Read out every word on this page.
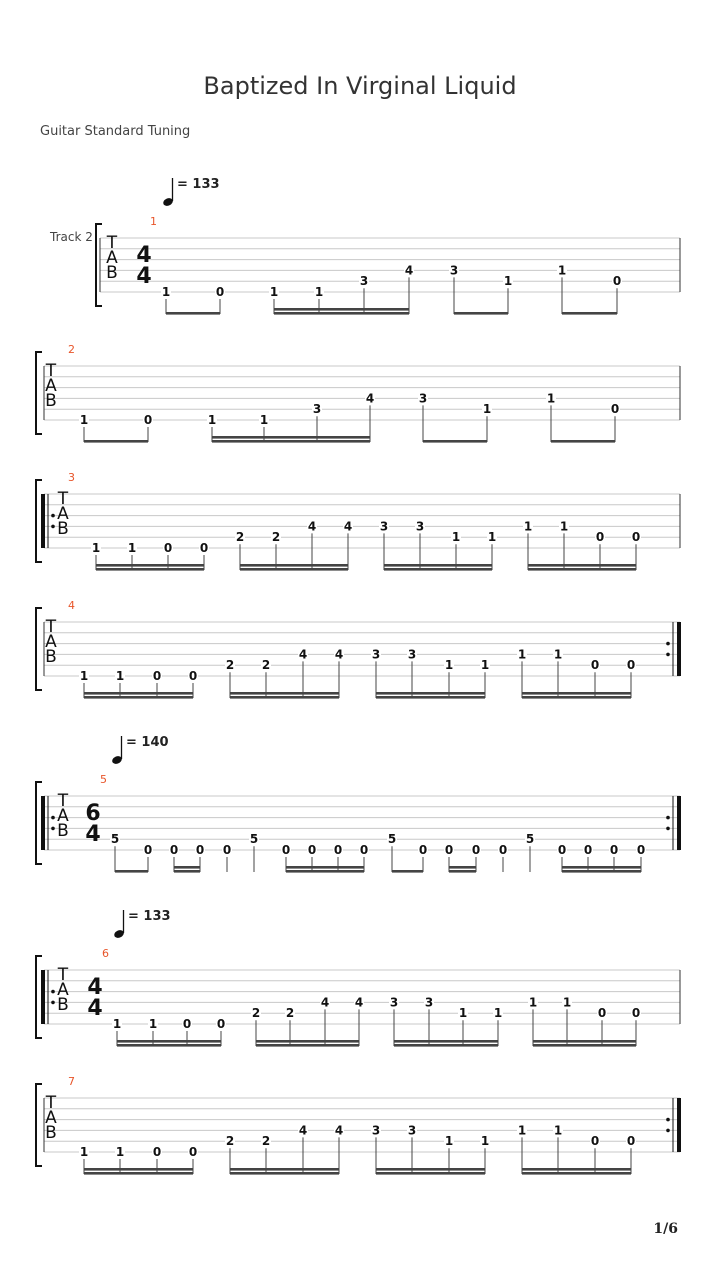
Baptized In Virginal Liquid
Guitar Standard Tuning
Track 2 T
A
B
4
4
1
= 133
1	0	1	1
3
4	3
1
1
0
T
A
B
2
1	0	1	1
3
4	3
1
1
0
T
A
B
3
1 1 0 0
2 2
4 4 3 3
1 1
1 1
0 0
T
A
B
4
1 1 0 0
2 2
4 4 3 3
1 1
1 1
0 0
T
A
B
6
4
5
= 140
5
0 0 0 0
5
0 0 0 0
5
0 0 0 0
5
0 0 0 0
T
A
B
4
4
6
= 133
1 1 0 0
2 2
4 4 3 3
1 1
1 1
0 0
T
A
B
7
1 1 0 0
2 2
4 4 3 3
1 1
1 1
0 0
1/6
